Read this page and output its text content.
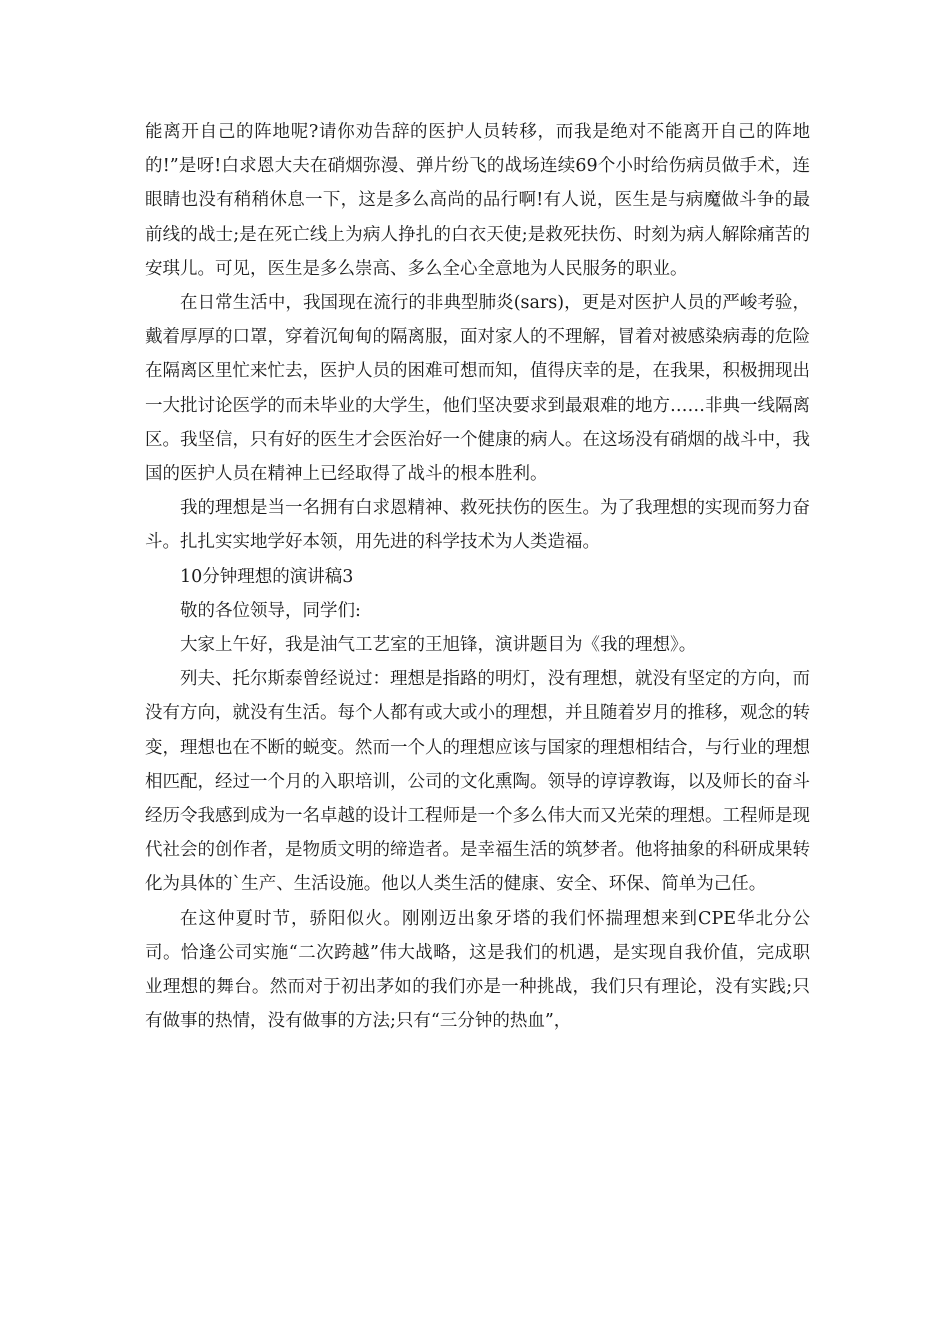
能离开自己的阵地呢?请你劝告辞的医护人员转移，而我是绝对不能离开自己的阵地的!”是呀!白求恩大夫在硝烟弥漫、弹片纷飞的战场连续69个小时给伤病员做手术，连眼睛也没有稍稍休息一下，这是多么高尚的品行啊!有人说，医生是与病魔做斗争的最前线的战士;是在死亡线上为病人挣扎的白衣天使;是救死扶伤、时刻为病人解除痛苦的安琪儿。可见，医生是多么崇高、多么全心全意地为人民服务的职业。

在日常生活中，我国现在流行的非典型肺炎(sars)，更是对医护人员的严峻考验，戴着厚厚的口罩，穿着沉甸甸的隔离服，面对家人的不理解，冒着对被感染病毒的危险在隔离区里忙来忙去，医护人员的困难可想而知，值得庆幸的是，在我果，积极拥现出一大批讨论医学的而未毕业的大学生，他们坚决要求到最艰难的地方……非典一线隔离区。我坚信，只有好的医生才会医治好一个健康的病人。在这场没有硝烟的战斗中，我国的医护人员在精神上已经取得了战斗的根本胜利。

我的理想是当一名拥有白求恩精神、救死扶伤的医生。为了我理想的实现而努力奋斗。扎扎实实地学好本领，用先进的科学技术为人类造福。

10分钟理想的演讲稿3

敬的各位领导，同学们:

大家上午好，我是油气工艺室的王旭锋，演讲题目为《我的理想》。

列夫、托尔斯泰曾经说过：理想是指路的明灯，没有理想，就没有坚定的方向，而没有方向，就没有生活。每个人都有或大或小的理想，并且随着岁月的推移，观念的转变，理想也在不断的蜕变。然而一个人的理想应该与国家的理想相结合，与行业的理想相匹配，经过一个月的入职培训，公司的文化熏陶。领导的谆谆教诲，以及师长的奋斗经历令我感到成为一名卓越的设计工程师是一个多么伟大而又光荣的理想。工程师是现代社会的创作者，是物质文明的缔造者。是幸福生活的筑梦者。他将抽象的科研成果转化为具体的`生产、生活设施。他以人类生活的健康、安全、环保、简单为己任。

在这仲夏时节，骄阳似火。刚刚迈出象牙塔的我们怀揣理想来到CPE华北分公司。恰逢公司实施“二次跨越”伟大战略，这是我们的机遇，是实现自我价值，完成职业理想的舞台。然而对于初出茅如的我们亦是一种挑战，我们只有理论，没有实践;只有做事的热情，没有做事的方法;只有“三分钟的热血”，
